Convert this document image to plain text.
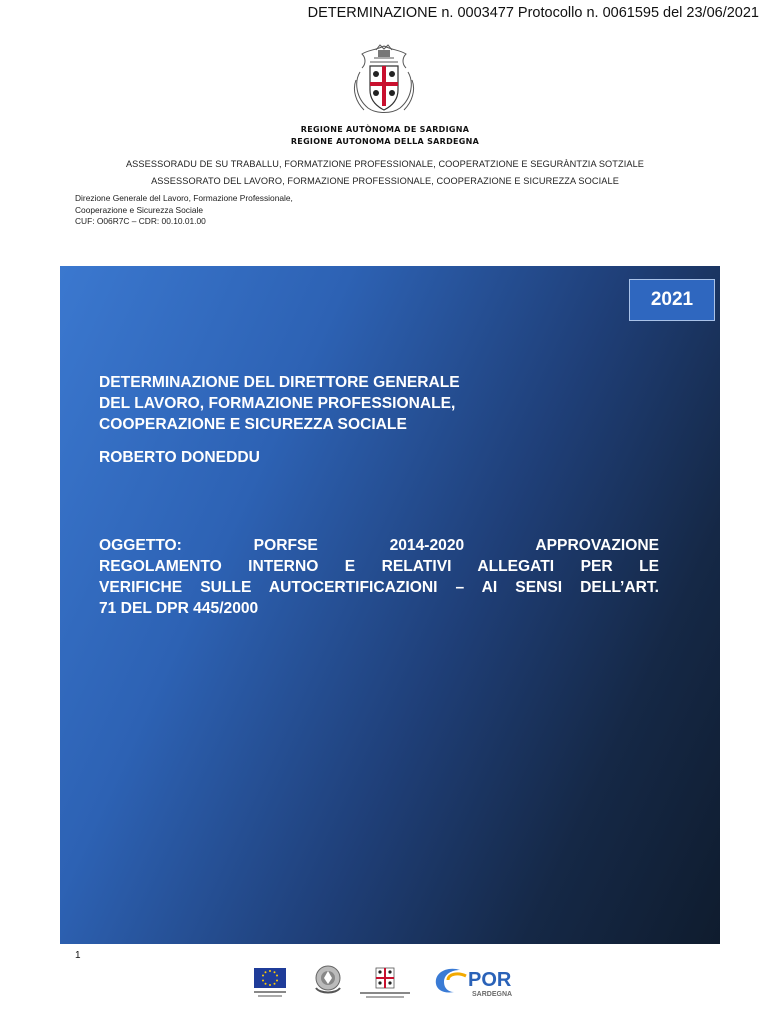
DETERMINAZIONE n. 0003477 Protocollo n. 0061595 del 23/06/2021
REGIONE AUTÒNOMA DE SARDIGNA
REGIONE AUTONOMA DELLA SARDEGNA
ASSESSORADU DE SU TRABALLU, FORMATZIONE PROFESSIONALE, COOPERATZIONE E SEGURÀNTZIA SOTZIALE
ASSESSORATO DEL LAVORO, FORMAZIONE PROFESSIONALE, COOPERAZIONE E SICUREZZA SOCIALE
Direzione Generale del Lavoro, Formazione Professionale,
Cooperazione e Sicurezza Sociale
CUF: O06R7C – CDR: 00.10.01.00
2021
DETERMINAZIONE DEL DIRETTORE GENERALE
DEL LAVORO, FORMAZIONE PROFESSIONALE,
COOPERAZIONE E SICUREZZA SOCIALE
ROBERTO DONEDDU
OGGETTO: PORFSE 2014-2020 APPROVAZIONE
REGOLAMENTO INTERNO E RELATIVI ALLEGATI PER LE
VERIFICHE SULLE AUTOCERTIFICAZIONI – AI SENSI DELL’ART.
71 DEL DPR 445/2000
1
POR
SARDEGNA
